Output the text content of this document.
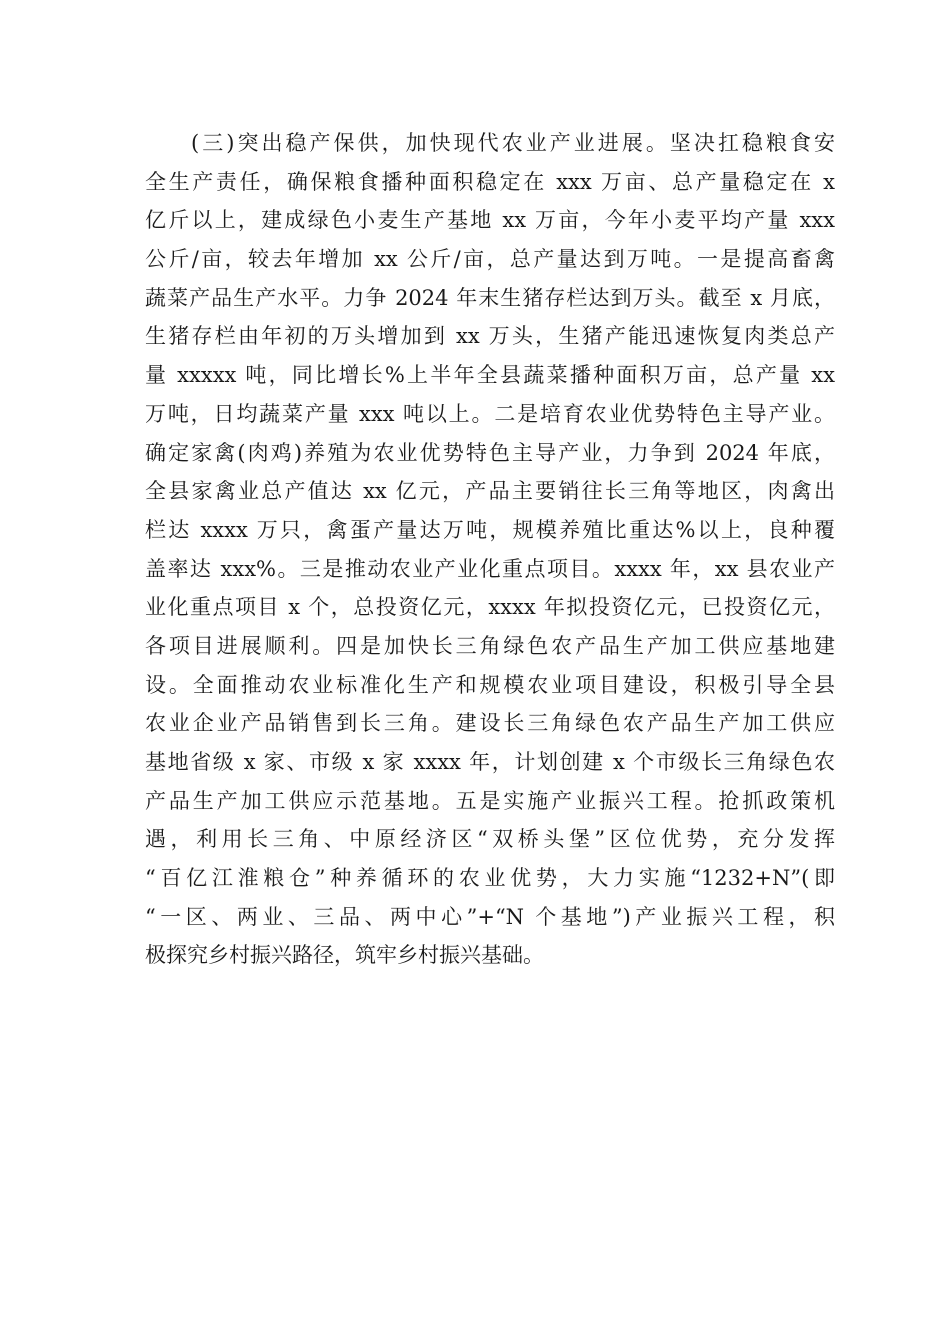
(三)突出稳产保供，加快现代农业产业进展。坚决扛稳粮食安
全生产责任，确保粮食播种面积稳定在 xxx 万亩、总产量稳定在 x
亿斤以上，建成绿色小麦生产基地 xx 万亩，今年小麦平均产量 xxx
公斤/亩，较去年增加 xx 公斤/亩，总产量达到万吨。一是提高畜禽
蔬菜产品生产水平。力争 2024 年末生猪存栏达到万头。截至 x 月底，
生猪存栏由年初的万头增加到 xx 万头，生猪产能迅速恢复肉类总产
量 xxxxx 吨，同比增长%上半年全县蔬菜播种面积万亩，总产量 xx
万吨，日均蔬菜产量 xxx 吨以上。二是培育农业优势特色主导产业。
确定家禽(肉鸡)养殖为农业优势特色主导产业，力争到 2024 年底，
全县家禽业总产值达 xx 亿元，产品主要销往长三角等地区，肉禽出
栏达 xxxx 万只，禽蛋产量达万吨，规模养殖比重达%以上，良种覆
盖率达 xxx%。三是推动农业产业化重点项目。xxxx 年，xx 县农业产
业化重点项目 x 个，总投资亿元，xxxx 年拟投资亿元，已投资亿元，
各项目进展顺利。四是加快长三角绿色农产品生产加工供应基地建
设。全面推动农业标准化生产和规模农业项目建设，积极引导全县
农业企业产品销售到长三角。建设长三角绿色农产品生产加工供应
基地省级 x 家、市级 x 家 xxxx 年，计划创建 x 个市级长三角绿色农
产品生产加工供应示范基地。五是实施产业振兴工程。抢抓政策机
遇，利用长三角、中原经济区“双桥头堡”区位优势，充分发挥
“百亿江淮粮仓”种养循环的农业优势，大力实施“1232+N”(即
“一区、两业、三品、两中心”+“N 个基地”)产业振兴工程，积
极探究乡村振兴路径，筑牢乡村振兴基础。
